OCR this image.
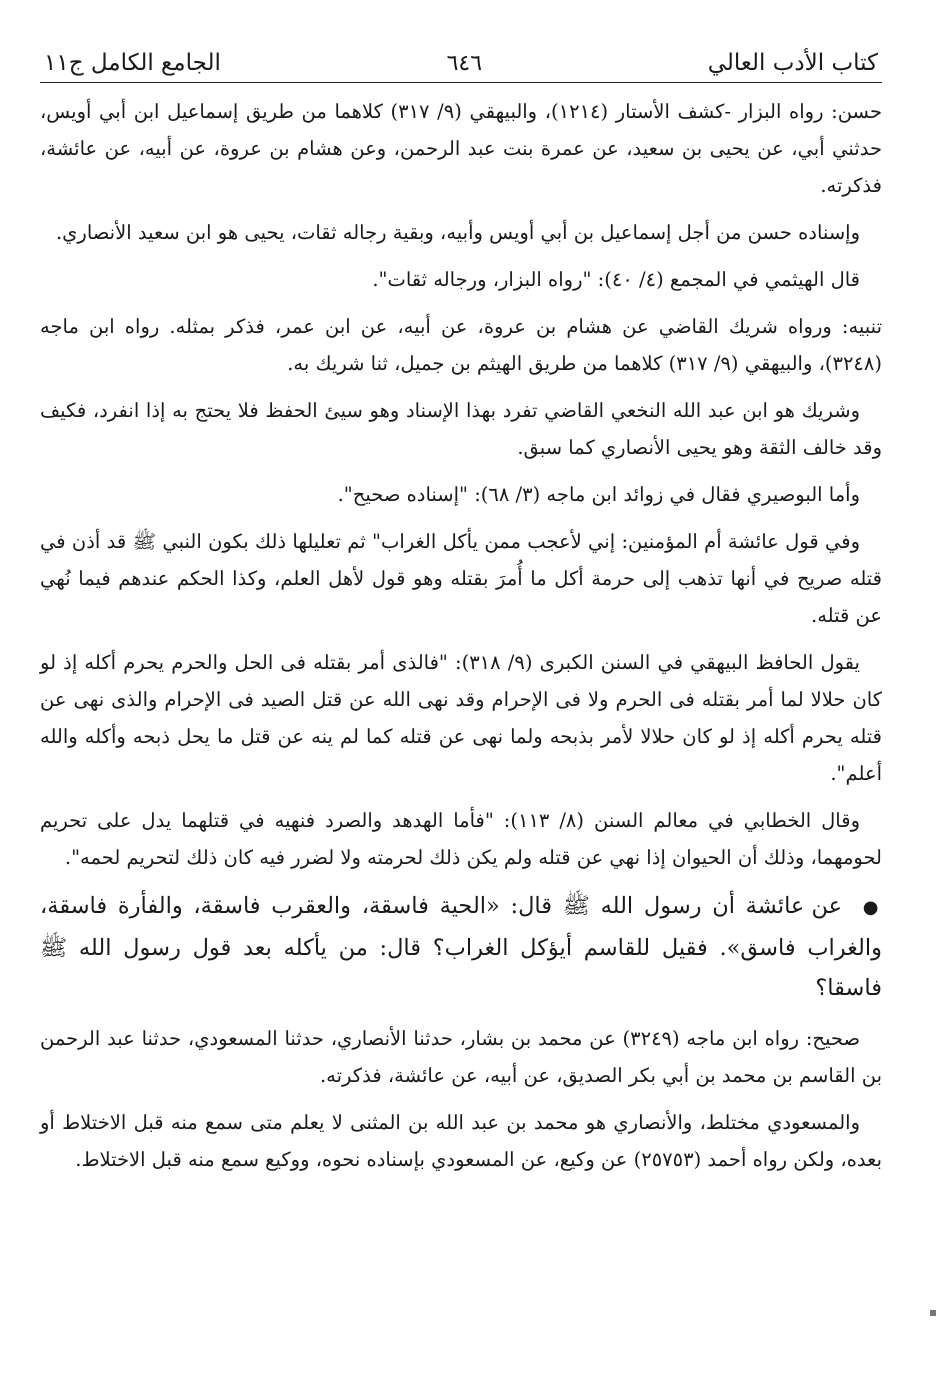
كتاب الأدب العالي
٦٤٦
الجامع الكامل ج١١

حسن: رواه البزار -كشف الأستار (١٢١٤)، والبيهقي (٩/ ٣١٧) كلاهما من طريق إسماعيل ابن أبي أويس، حدثني أبي، عن يحيى بن سعيد، عن عمرة بنت عبد الرحمن، وعن هشام بن عروة، عن أبيه، عن عائشة، فذكرته.

وإسناده حسن من أجل إسماعيل بن أبي أويس وأبيه، وبقية رجاله ثقات، يحيى هو ابن سعيد الأنصاري.

قال الهيثمي في المجمع (٤/ ٤٠): "رواه البزار، ورجاله ثقات".

تنبيه: ورواه شريك القاضي عن هشام بن عروة، عن أبيه، عن ابن عمر، فذكر بمثله. رواه ابن ماجه (٣٢٤٨)، والبيهقي (٩/ ٣١٧) كلاهما من طريق الهيثم بن جميل، ثنا شريك به.

وشريك هو ابن عبد الله النخعي القاضي تفرد بهذا الإسناد وهو سيئ الحفظ فلا يحتج به إذا انفرد، فكيف وقد خالف الثقة وهو يحيى الأنصاري كما سبق.

وأما البوصيري فقال في زوائد ابن ماجه (٣/ ٦٨): "إسناده صحيح".

وفي قول عائشة أم المؤمنين: إني لأعجب ممن يأكل الغراب" ثم تعليلها ذلك بكون النبي ﷺ قد أذن في قتله صريح في أنها تذهب إلى حرمة أكل ما أُمرَ بقتله وهو قول لأهل العلم، وكذا الحكم عندهم فيما نُهي عن قتله.

يقول الحافظ البيهقي في السنن الكبرى (٩/ ٣١٨): "فالذى أمر بقتله فى الحل والحرم يحرم أكله إذ لو كان حلالا لما أمر بقتله فى الحرم ولا فى الإحرام وقد نهى الله عن قتل الصيد فى الإحرام والذى نهى عن قتله يحرم أكله إذ لو كان حلالا لأمر بذبحه ولما نهى عن قتله كما لم ينه عن قتل ما يحل ذبحه وأكله والله أعلم".

وقال الخطابي في معالم السنن (٨/ ١١٣): "فأما الهدهد والصرد فنهيه في قتلهما يدل على تحريم لحومهما، وذلك أن الحيوان إذا نهي عن قتله ولم يكن ذلك لحرمته ولا لضرر فيه كان ذلك لتحريم لحمه".

● عن عائشة أن رسول الله ﷺ قال: «الحية فاسقة، والعقرب فاسقة، والفأرة فاسقة، والغراب فاسق». فقيل للقاسم أيؤكل الغراب؟ قال: من يأكله بعد قول رسول الله ﷺ فاسقا؟

صحيح: رواه ابن ماجه (٣٢٤٩) عن محمد بن بشار، حدثنا الأنصاري، حدثنا المسعودي، حدثنا عبد الرحمن بن القاسم بن محمد بن أبي بكر الصديق، عن أبيه، عن عائشة، فذكرته.

والمسعودي مختلط، والأنصاري هو محمد بن عبد الله بن المثنى لا يعلم متى سمع منه قبل الاختلاط أو بعده، ولكن رواه أحمد (٢٥٧٥٣) عن وكيع، عن المسعودي بإسناده نحوه، ووكيع سمع منه قبل الاختلاط.
